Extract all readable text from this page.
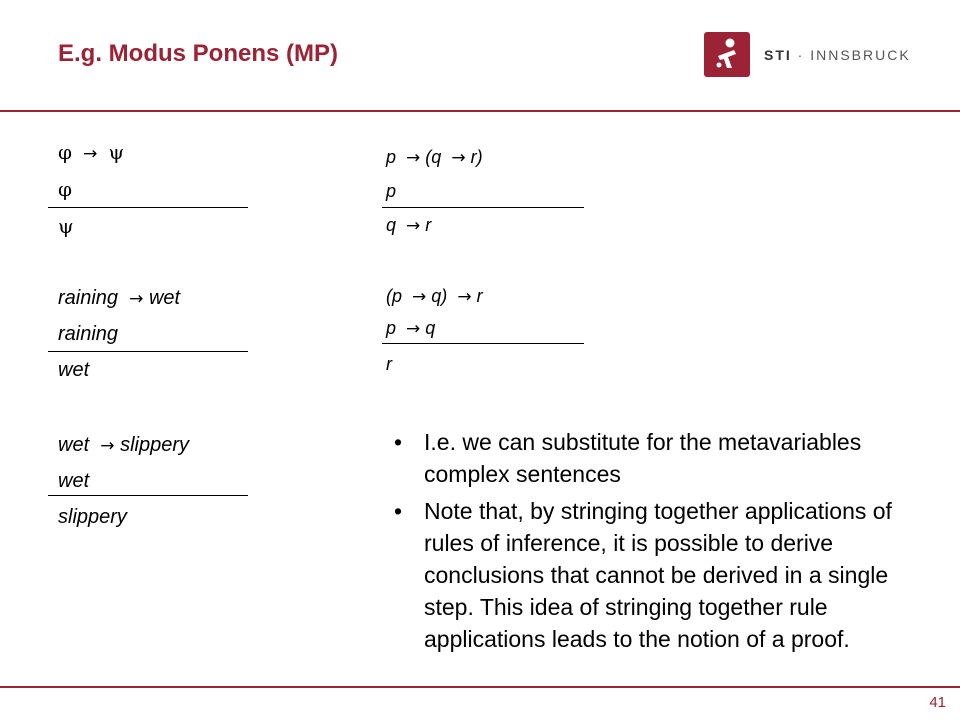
E.g. Modus Ponens (MP)	STI · INNSBRUCK
φ → ψ
φ
ψ
raining → wet
raining
wet
wet → slippery
wet
slippery
p → (q → r)
p
q → r
(p → q) → r
p → q
r
• I.e. we can substitute for the metavariables complex sentences
• Note that, by stringing together applications of rules of inference, it is possible to derive conclusions that cannot be derived in a single step. This idea of stringing together rule applications leads to the notion of a proof.
41
